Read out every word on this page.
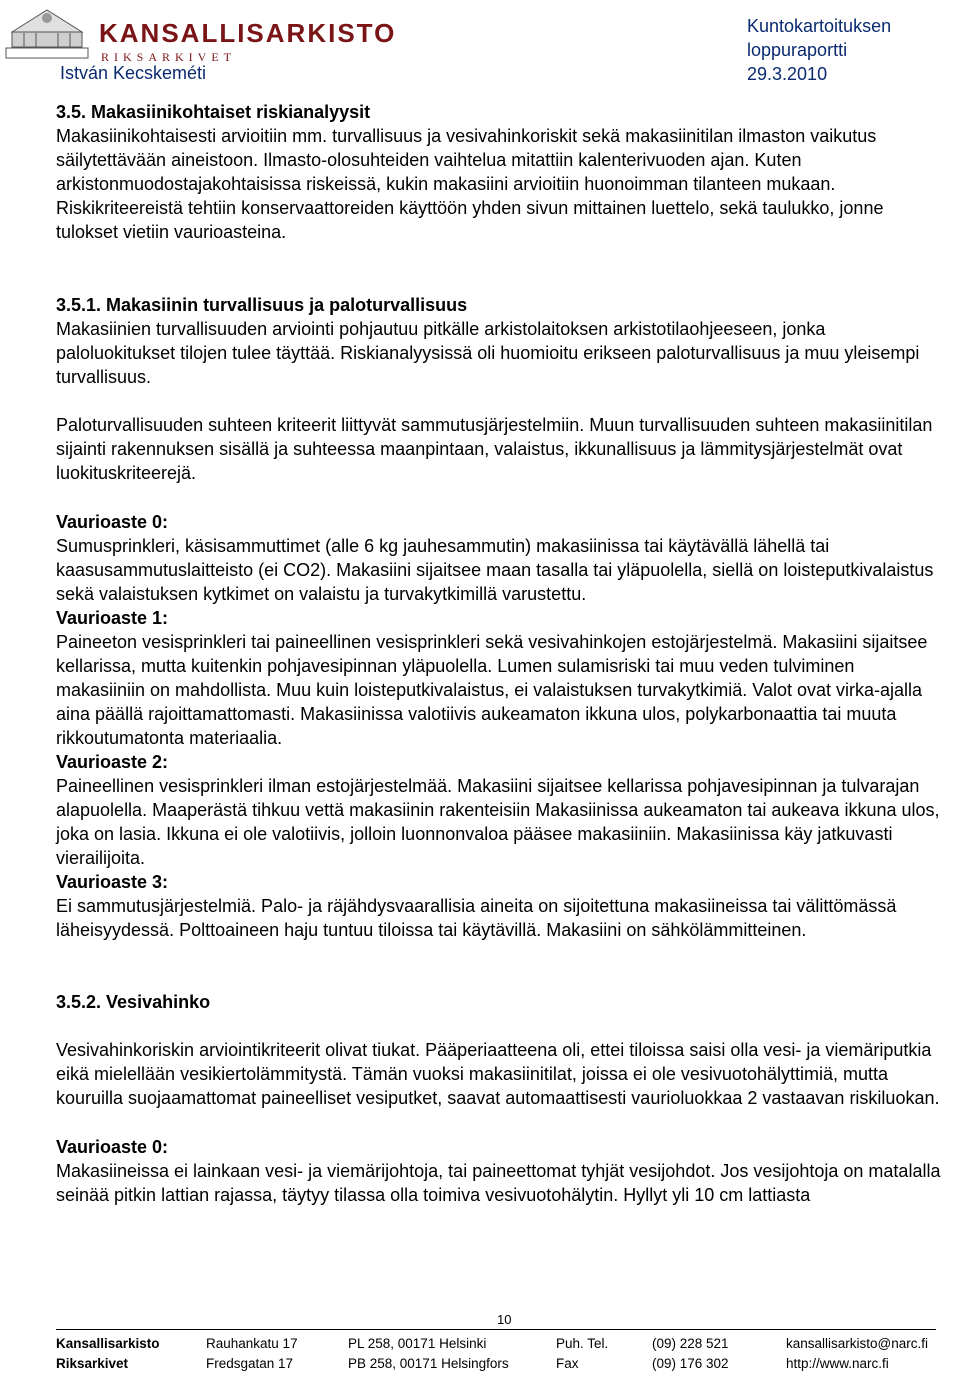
KANSALLISARKISTO
RIKSARKIVET
István Kecskeméti
Kuntokartoituksen
loppuraportti
29.3.2010

3.5. Makasiinikohtaiset riskianalyysit

Makasiinikohtaisesti arvioitiin mm. turvallisuus ja vesivahinkoriskit sekä makasiinitilan ilmaston vaikutus säilytettävään aineistoon. Ilmasto-olosuhteiden vaihtelua mitattiin kalenterivuoden ajan. Kuten arkistonmuodostajakohtaisissa riskeissä, kukin makasiini arvioitiin huonoimman tilanteen mukaan. Riskikriteereistä tehtiin konservaattoreiden käyttöön yhden sivun mittainen luettelo, sekä taulukko, jonne tulokset vietiin vaurioasteina.

3.5.1. Makasiinin turvallisuus ja paloturvallisuus

Makasiinien turvallisuuden arviointi pohjautuu pitkälle arkistolaitoksen arkistotilaohjeeseen, jonka paloluokitukset tilojen tulee täyttää. Riskianalyysissä oli huomioitu erikseen paloturvallisuus ja muu yleisempi turvallisuus.

Paloturvallisuuden suhteen kriteerit liittyvät sammutusjärjestelmiin. Muun turvallisuuden suhteen makasiinitilan sijainti rakennuksen sisällä ja suhteessa maanpintaan, valaistus, ikkunallisuus ja lämmitysjärjestelmät ovat luokituskriteerejä.

Vaurioaste 0:

Sumusprinkleri, käsisammuttimet (alle 6 kg jauhesammutin) makasiinissa tai käytävällä lähellä tai kaasusammutuslaitteisto (ei CO2). Makasiini sijaitsee maan tasalla tai yläpuolella, siellä on loisteputkivalaistus sekä valaistuksen kytkimet on valaistu ja turvakytkimillä varustettu.

Vaurioaste 1:

Paineeton vesisprinkleri tai paineellinen vesisprinkleri sekä vesivahinkojen estojärjestelmä. Makasiini sijaitsee kellarissa, mutta kuitenkin pohjavesipinnan yläpuolella. Lumen sulamisriski tai muu veden tulviminen makasiiniin on mahdollista. Muu kuin loisteputkivalaistus, ei valaistuksen turvakytkimiä. Valot ovat virka-ajalla aina päällä rajoittamattomasti. Makasiinissa valotiivis aukeamaton ikkuna ulos, polykarbonaattia tai muuta rikkoutumatonta materiaalia.

Vaurioaste 2:

Paineellinen vesisprinkleri ilman estojärjestelmää. Makasiini sijaitsee kellarissa pohjavesipinnan ja tulvarajan alapuolella. Maaperästä tihkuu vettä makasiinin rakenteisiin Makasiinissa aukeamaton tai aukeava ikkuna ulos, joka on lasia. Ikkuna ei ole valotiivis, jolloin luonnonvaloa pääsee makasiiniin. Makasiinissa käy jatkuvasti vierailijoita.

Vaurioaste 3:

Ei sammutusjärjestelmiä. Palo- ja räjähdysvaarallisia aineita on sijoitettuna makasiineissa tai välittömässä läheisyydessä. Polttoaineen haju tuntuu tiloissa tai käytävillä. Makasiini on sähkölämmitteinen.

3.5.2. Vesivahinko

Vesivahinkoriskin arviointikriteerit olivat tiukat. Pääperiaatteena oli, ettei tiloissa saisi olla vesi- ja viemäriputkia eikä mielellään vesikiertolämmitystä. Tämän vuoksi makasiinitilat, joissa ei ole vesivuotohälyttimiä, mutta kouruilla suojaamattomat paineelliset vesiputket, saavat automaattisesti vaurioluokkaa 2 vastaavan riskiluokan.

Vaurioaste 0:

Makasiineissa ei lainkaan vesi- ja viemärijohtoja, tai paineettomat tyhjät vesijohdot. Jos vesijohtoja on matalalla seinää pitkin lattian rajassa, täytyy tilassa olla toimiva vesivuotohälytin. Hyllyt yli 10 cm lattiasta

10
Kansallisarkisto
Riksarkivet
Rauhankatu 17
Fredsgatan 17
PL 258, 00171 Helsinki
PB 258, 00171 Helsingfors
Puh. Tel.
Fax
(09) 228 521
(09) 176 302
kansallisarkisto@narc.fi
http://www.narc.fi
